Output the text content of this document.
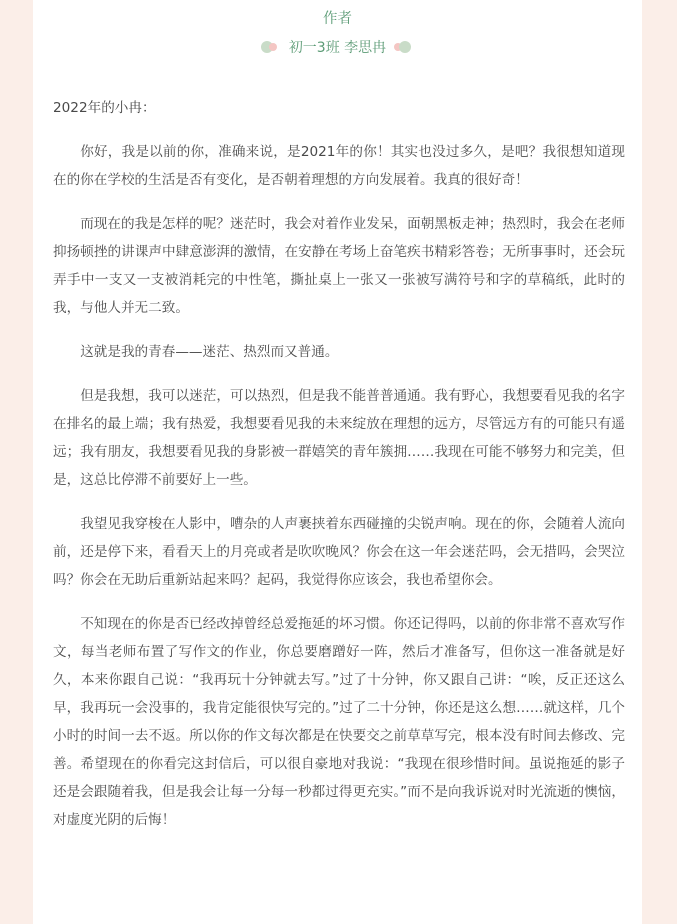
作者
初一3班 李思冉

2022年的小冉：

你好，我是以前的你，准确来说，是2021年的你！其实也没过多久，是吧？我很想知道现在的你在学校的生活是否有变化，是否朝着理想的方向发展着。我真的很好奇！

而现在的我是怎样的呢？迷茫时，我会对着作业发呆，面朝黑板走神；热烈时，我会在老师抑扬顿挫的讲课声中肆意澎湃的激情，在安静在考场上奋笔疾书精彩答卷；无所事事时，还会玩弄手中一支又一支被消耗完的中性笔，撕扯桌上一张又一张被写满符号和字的草稿纸，此时的我，与他人并无二致。

这就是我的青春——迷茫、热烈而又普通。

但是我想，我可以迷茫，可以热烈，但是我不能普普通通。我有野心，我想要看见我的名字在排名的最上端；我有热爱，我想要看见我的未来绽放在理想的远方，尽管远方有的可能只有遥远；我有朋友，我想要看见我的身影被一群嬉笑的青年簇拥……我现在可能不够努力和完美，但是，这总比停滞不前要好上一些。

我望见我穿梭在人影中，嘈杂的人声裹挟着东西碰撞的尖锐声响。现在的你，会随着人流向前，还是停下来，看看天上的月亮或者是吹吹晚风？你会在这一年会迷茫吗，会无措吗，会哭泣吗？你会在无助后重新站起来吗？起码，我觉得你应该会，我也希望你会。

不知现在的你是否已经改掉曾经总爱拖延的坏习惯。你还记得吗，以前的你非常不喜欢写作文，每当老师布置了写作文的作业，你总要磨蹭好一阵，然后才准备写，但你这一准备就是好久，本来你跟自己说：“我再玩十分钟就去写。”过了十分钟，你又跟自己讲：“唉，反正还这么早，我再玩一会没事的，我肯定能很快写完的。”过了二十分钟，你还是这么想……就这样，几个小时的时间一去不返。所以你的作文每次都是在快要交之前草草写完，根本没有时间去修改、完善。希望现在的你看完这封信后，可以很自豪地对我说：“我现在很珍惜时间。虽说拖延的影子还是会跟随着我，但是我会让每一分每一秒都过得更充实。”而不是向我诉说对时光流逝的懊恼，对虚度光阴的后悔！
